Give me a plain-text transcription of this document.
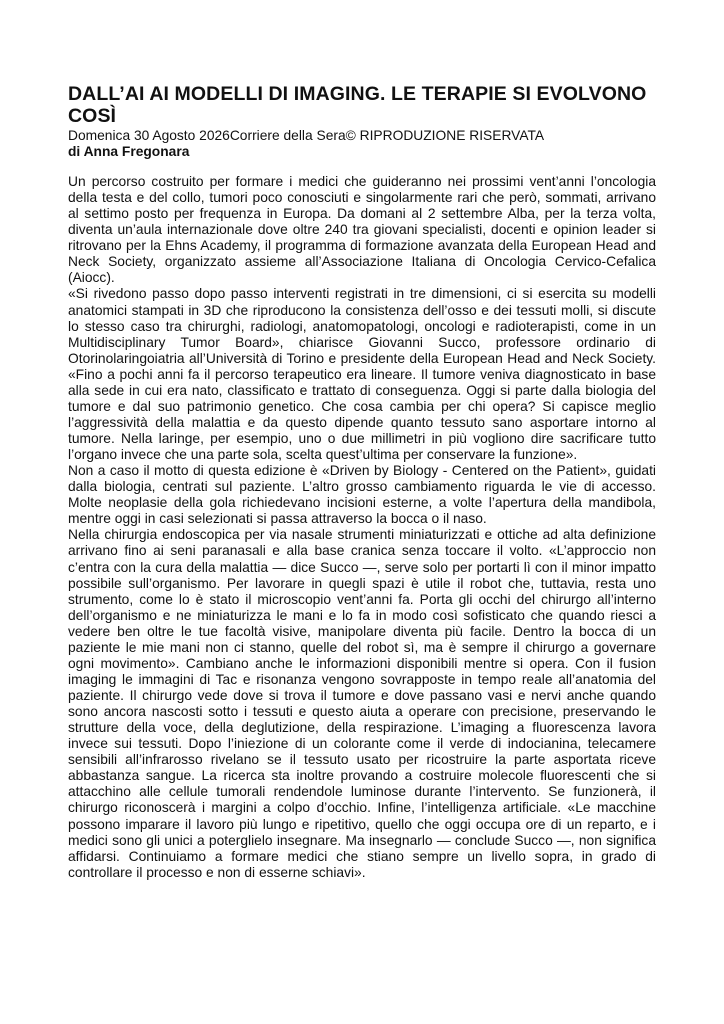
DALL’AI AI MODELLI DI IMAGING. LE TERAPIE SI EVOLVONO COSÌ
Domenica 30 Agosto 2026Corriere della Sera© RIPRODUZIONE RISERVATA
di Anna Fregonara

Un percorso costruito per formare i medici che guideranno nei prossimi vent’anni l’oncologia della testa e del collo, tumori poco conosciuti e singolarmente rari che però, sommati, arrivano al settimo posto per frequenza in Europa. Da domani al 2 settembre Alba, per la terza volta, diventa un’aula internazionale dove oltre 240 tra giovani specialisti, docenti e opinion leader si ritrovano per la Ehns Academy, il programma di formazione avanzata della European Head and Neck Society, organizzato assieme all’Associazione Italiana di Oncologia Cervico-Cefalica (Aiocc).

«Si rivedono passo dopo passo interventi registrati in tre dimensioni, ci si esercita su modelli anatomici stampati in 3D che riproducono la consistenza dell’osso e dei tessuti molli, si discute lo stesso caso tra chirurghi, radiologi, anatomopatologi, oncologi e radioterapisti, come in un Multidisciplinary Tumor Board», chiarisce Giovanni Succo, professore ordinario di Otorinolaringoiatria all’Università di Torino e presidente della European Head and Neck Society. «Fino a pochi anni fa il percorso terapeutico era lineare. Il tumore veniva diagnosticato in base alla sede in cui era nato, classificato e trattato di conseguenza. Oggi si parte dalla biologia del tumore e dal suo patrimonio genetico. Che cosa cambia per chi opera? Si capisce meglio l’aggressività della malattia e da questo dipende quanto tessuto sano asportare intorno al tumore. Nella laringe, per esempio, uno o due millimetri in più vogliono dire sacrificare tutto l’organo invece che una parte sola, scelta quest’ultima per conservare la funzione».

Non a caso il motto di questa edizione è «Driven by Biology - Centered on the Patient», guidati dalla biologia, centrati sul paziente. L’altro grosso cambiamento riguarda le vie di accesso. Molte neoplasie della gola richiedevano incisioni esterne, a volte l’apertura della mandibola, mentre oggi in casi selezionati si passa attraverso la bocca o il naso.

Nella chirurgia endoscopica per via nasale strumenti miniaturizzati e ottiche ad alta definizione arrivano fino ai seni paranasali e alla base cranica senza toccare il volto. «L’approccio non c’entra con la cura della malattia — dice Succo —, serve solo per portarti lì con il minor impatto possibile sull’organismo. Per lavorare in quegli spazi è utile il robot che, tuttavia, resta uno strumento, come lo è stato il microscopio vent’anni fa. Porta gli occhi del chirurgo all’interno dell’organismo e ne miniaturizza le mani e lo fa in modo così sofisticato che quando riesci a vedere ben oltre le tue facoltà visive, manipolare diventa più facile. Dentro la bocca di un paziente le mie mani non ci stanno, quelle del robot sì, ma è sempre il chirurgo a governare ogni movimento». Cambiano anche le informazioni disponibili mentre si opera. Con il fusion imaging le immagini di Tac e risonanza vengono sovrapposte in tempo reale all’anatomia del paziente. Il chirurgo vede dove si trova il tumore e dove passano vasi e nervi anche quando sono ancora nascosti sotto i tessuti e questo aiuta a operare con precisione, preservando le strutture della voce, della deglutizione, della respirazione. L’imaging a fluorescenza lavora invece sui tessuti. Dopo l’iniezione di un colorante come il verde di indocianina, telecamere sensibili all’infrarosso rivelano se il tessuto usato per ricostruire la parte asportata riceve abbastanza sangue. La ricerca sta inoltre provando a costruire molecole fluorescenti che si attacchino alle cellule tumorali rendendole luminose durante l’intervento. Se funzionerà, il chirurgo riconoscerà i margini a colpo d’occhio. Infine, l’intelligenza artificiale. «Le macchine possono imparare il lavoro più lungo e ripetitivo, quello che oggi occupa ore di un reparto, e i medici sono gli unici a poterglielo insegnare. Ma insegnarlo — conclude Succo —, non significa affidarsi. Continuiamo a formare medici che stiano sempre un livello sopra, in grado di controllare il processo e non di esserne schiavi».
